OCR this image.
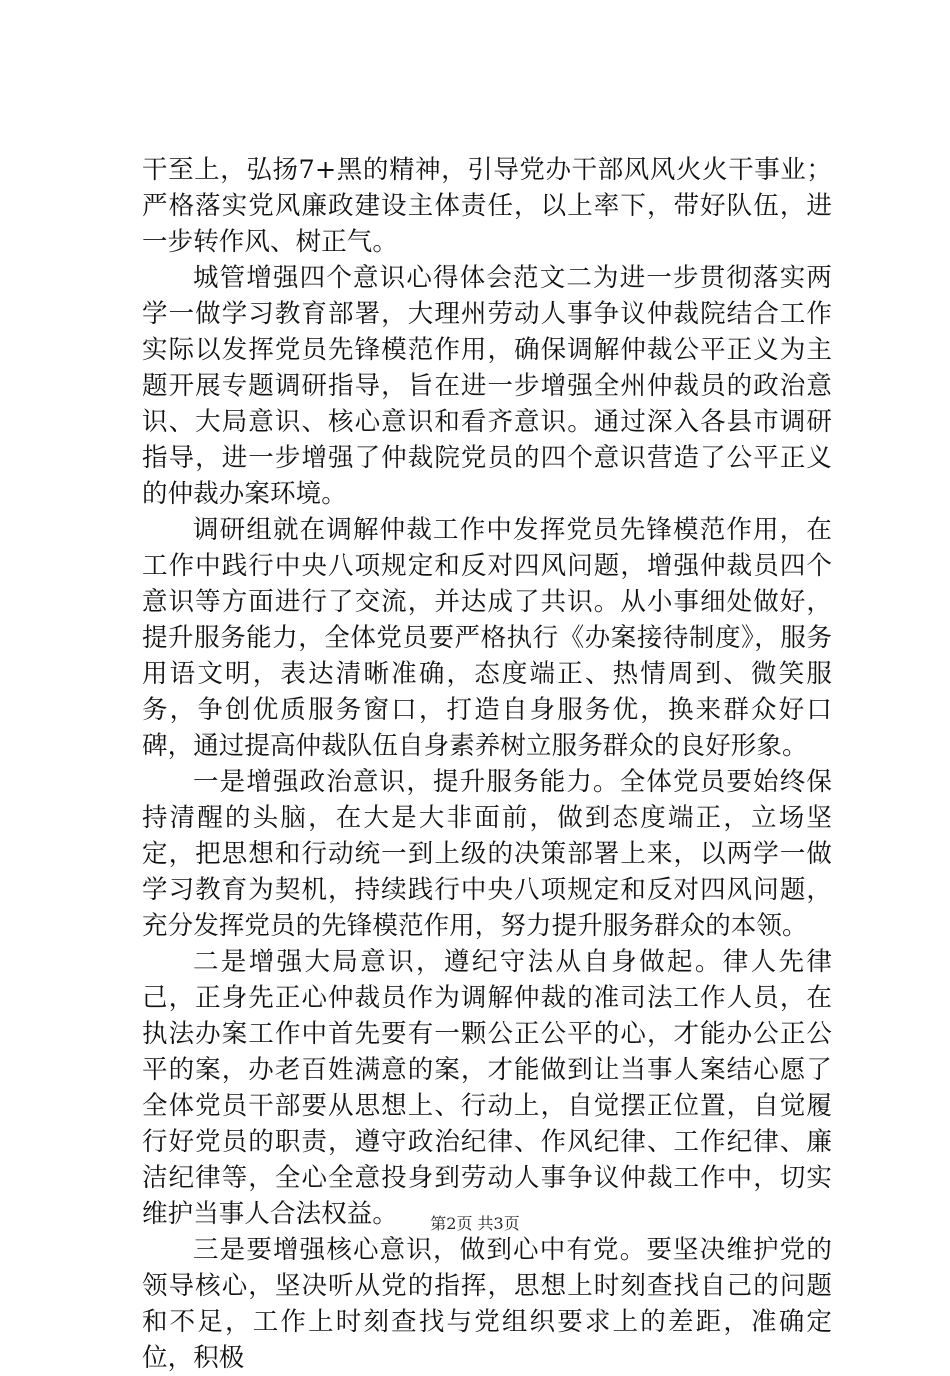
干至上，弘扬7+黑的精神，引导党办干部风风火火干事业；严格落实党风廉政建设主体责任，以上率下，带好队伍，进一步转作风、树正气。

城管增强四个意识心得体会范文二为进一步贯彻落实两学一做学习教育部署，大理州劳动人事争议仲裁院结合工作实际以发挥党员先锋模范作用，确保调解仲裁公平正义为主题开展专题调研指导，旨在进一步增强全州仲裁员的政治意识、大局意识、核心意识和看齐意识。通过深入各县市调研指导，进一步增强了仲裁院党员的四个意识营造了公平正义的仲裁办案环境。

调研组就在调解仲裁工作中发挥党员先锋模范作用，在工作中践行中央八项规定和反对四风问题，增强仲裁员四个意识等方面进行了交流，并达成了共识。从小事细处做好，提升服务能力，全体党员要严格执行《办案接待制度》，服务用语文明，表达清晰准确，态度端正、热情周到、微笑服务，争创优质服务窗口，打造自身服务优，换来群众好口碑，通过提高仲裁队伍自身素养树立服务群众的良好形象。

一是增强政治意识，提升服务能力。全体党员要始终保持清醒的头脑，在大是大非面前，做到态度端正，立场坚定，把思想和行动统一到上级的决策部署上来，以两学一做学习教育为契机，持续践行中央八项规定和反对四风问题，充分发挥党员的先锋模范作用，努力提升服务群众的本领。

二是增强大局意识，遵纪守法从自身做起。律人先律己，正身先正心仲裁员作为调解仲裁的准司法工作人员，在执法办案工作中首先要有一颗公正公平的心，才能办公正公平的案，办老百姓满意的案，才能做到让当事人案结心愿了全体党员干部要从思想上、行动上，自觉摆正位置，自觉履行好党员的职责，遵守政治纪律、作风纪律、工作纪律、廉洁纪律等，全心全意投身到劳动人事争议仲裁工作中，切实维护当事人合法权益。

三是要增强核心意识，做到心中有党。要坚决维护党的领导核心，坚决听从党的指挥，思想上时刻查找自己的问题和不足，工作上时刻查找与党组织要求上的差距，准确定位，积极

第2页 共3页
